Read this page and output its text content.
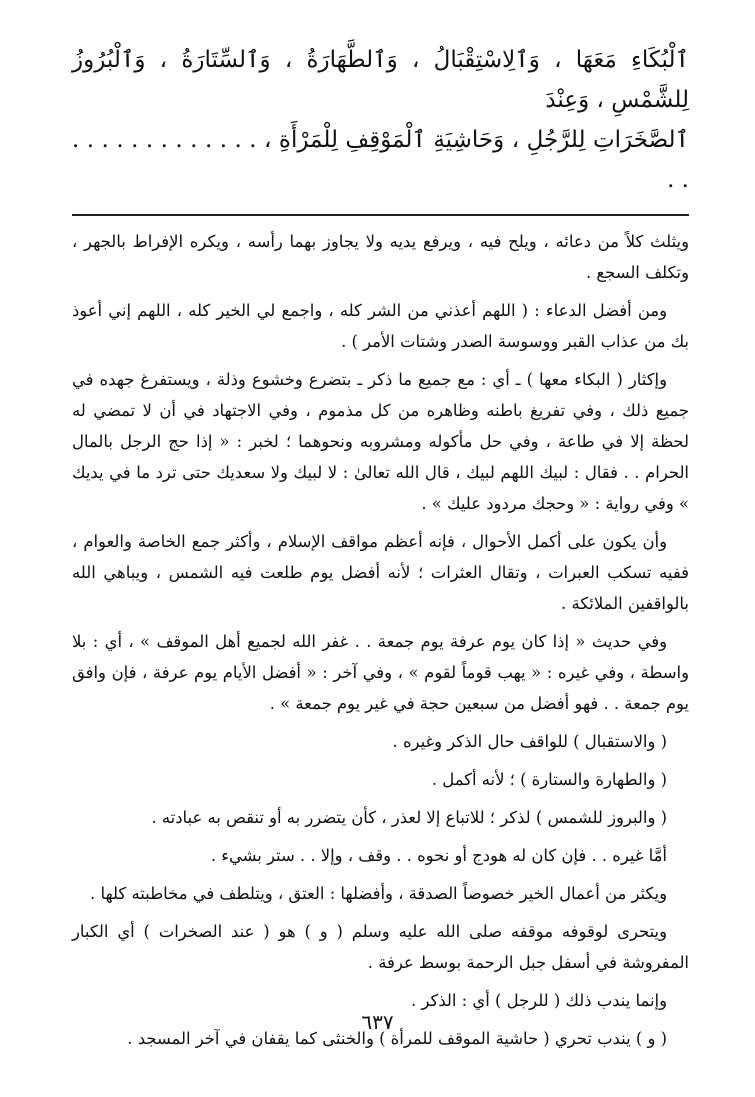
ٱلْبُكَاءِ مَعَهَا ، وَٱلِاسْتِقْبَالُ ، وَٱلطَّهَارَةُ ، وَٱلسِّتَارَةُ ، وَٱلْبُرُوزُ لِلشَّمْسِ ، وَعِنْدَ

ٱلصَّخَرَاتِ لِلرَّجُلِ ، وَحَاشِيَةِ ٱلْمَوْقِفِ لِلْمَرْأَةِ ، . . . . . . . . . . . . . . .

ويثلث كلاً من دعائه ، ويلح فيه ، ويرفع يديه ولا يجاوز بهما رأسه ، ويكره الإفراط بالجهر ، وتكلف السجع .

ومن أفضل الدعاء : ( اللهم أعذني من الشر كله ، واجمع لي الخير كله ، اللهم إني أعوذ بك من عذاب القبر ووسوسة الصدر وشتات الأمر ) .

وإكثار ( البكاء معها ) ـ أي : مع جميع ما ذكر ـ بتضرع وخشوع وذلة ، ويستفرغ جهده في جميع ذلك ، وفي تفريغ باطنه وظاهره من كل مذموم ، وفي الاجتهاد في أن لا تمضي له لحظة إلا في طاعة ، وفي حل مأكوله ومشروبه ونحوهما ؛ لخبر : « إذا حج الرجل بالمال الحرام . . فقال : لبيك اللهم لبيك ، قال الله تعالىٰ : لا لبيك ولا سعديك حتى ترد ما في يديك » وفي رواية : « وحجك مردود عليك » .

وأن يكون على أكمل الأحوال ، فإنه أعظم مواقف الإسلام ، وأكثر جمع الخاصة والعوام ، ففيه تسكب العبرات ، وتقال العثرات ؛ لأنه أفضل يوم طلعت فيه الشمس ، ويباهي الله بالواقفين الملائكة .

وفي حديث « إذا كان يوم عرفة يوم جمعة . . غفر الله لجميع أهل الموقف » ، أي : بلا واسطة ، وفي غيره : « يهب قوماً لقوم » ، وفي آخر : « أفضل الأيام يوم عرفة ، فإن وافق يوم جمعة . . فهو أفضل من سبعين حجة في غير يوم جمعة » .

( والاستقبال ) للواقف حال الذكر وغيره .

( والطهارة والستارة ) ؛ لأنه أكمل .

( والبروز للشمس ) لذكر ؛ للاتباع إلا لعذر ، كأن يتضرر به أو تنقص به عبادته .

أمَّا غيره . . فإن كان له هودج أو نحوه . . وقف ، وإلا . . ستر بشيء .

ويكثر من أعمال الخير خصوصاً الصدقة ، وأفضلها : العتق ، ويتلطف في مخاطبته كلها .

ويتحرى لوقوفه موقفه صلى الله عليه وسلم ( و ) هو ( عند الصخرات ) أي الكبار المفروشة في أسفل جبل الرحمة بوسط عرفة .

وإنما يندب ذلك ( للرجل ) أي : الذكر .

( و ) يندب تحري ( حاشية الموقف للمرأة ) والخنثى كما يقفان في آخر المسجد .

٦٣٧
